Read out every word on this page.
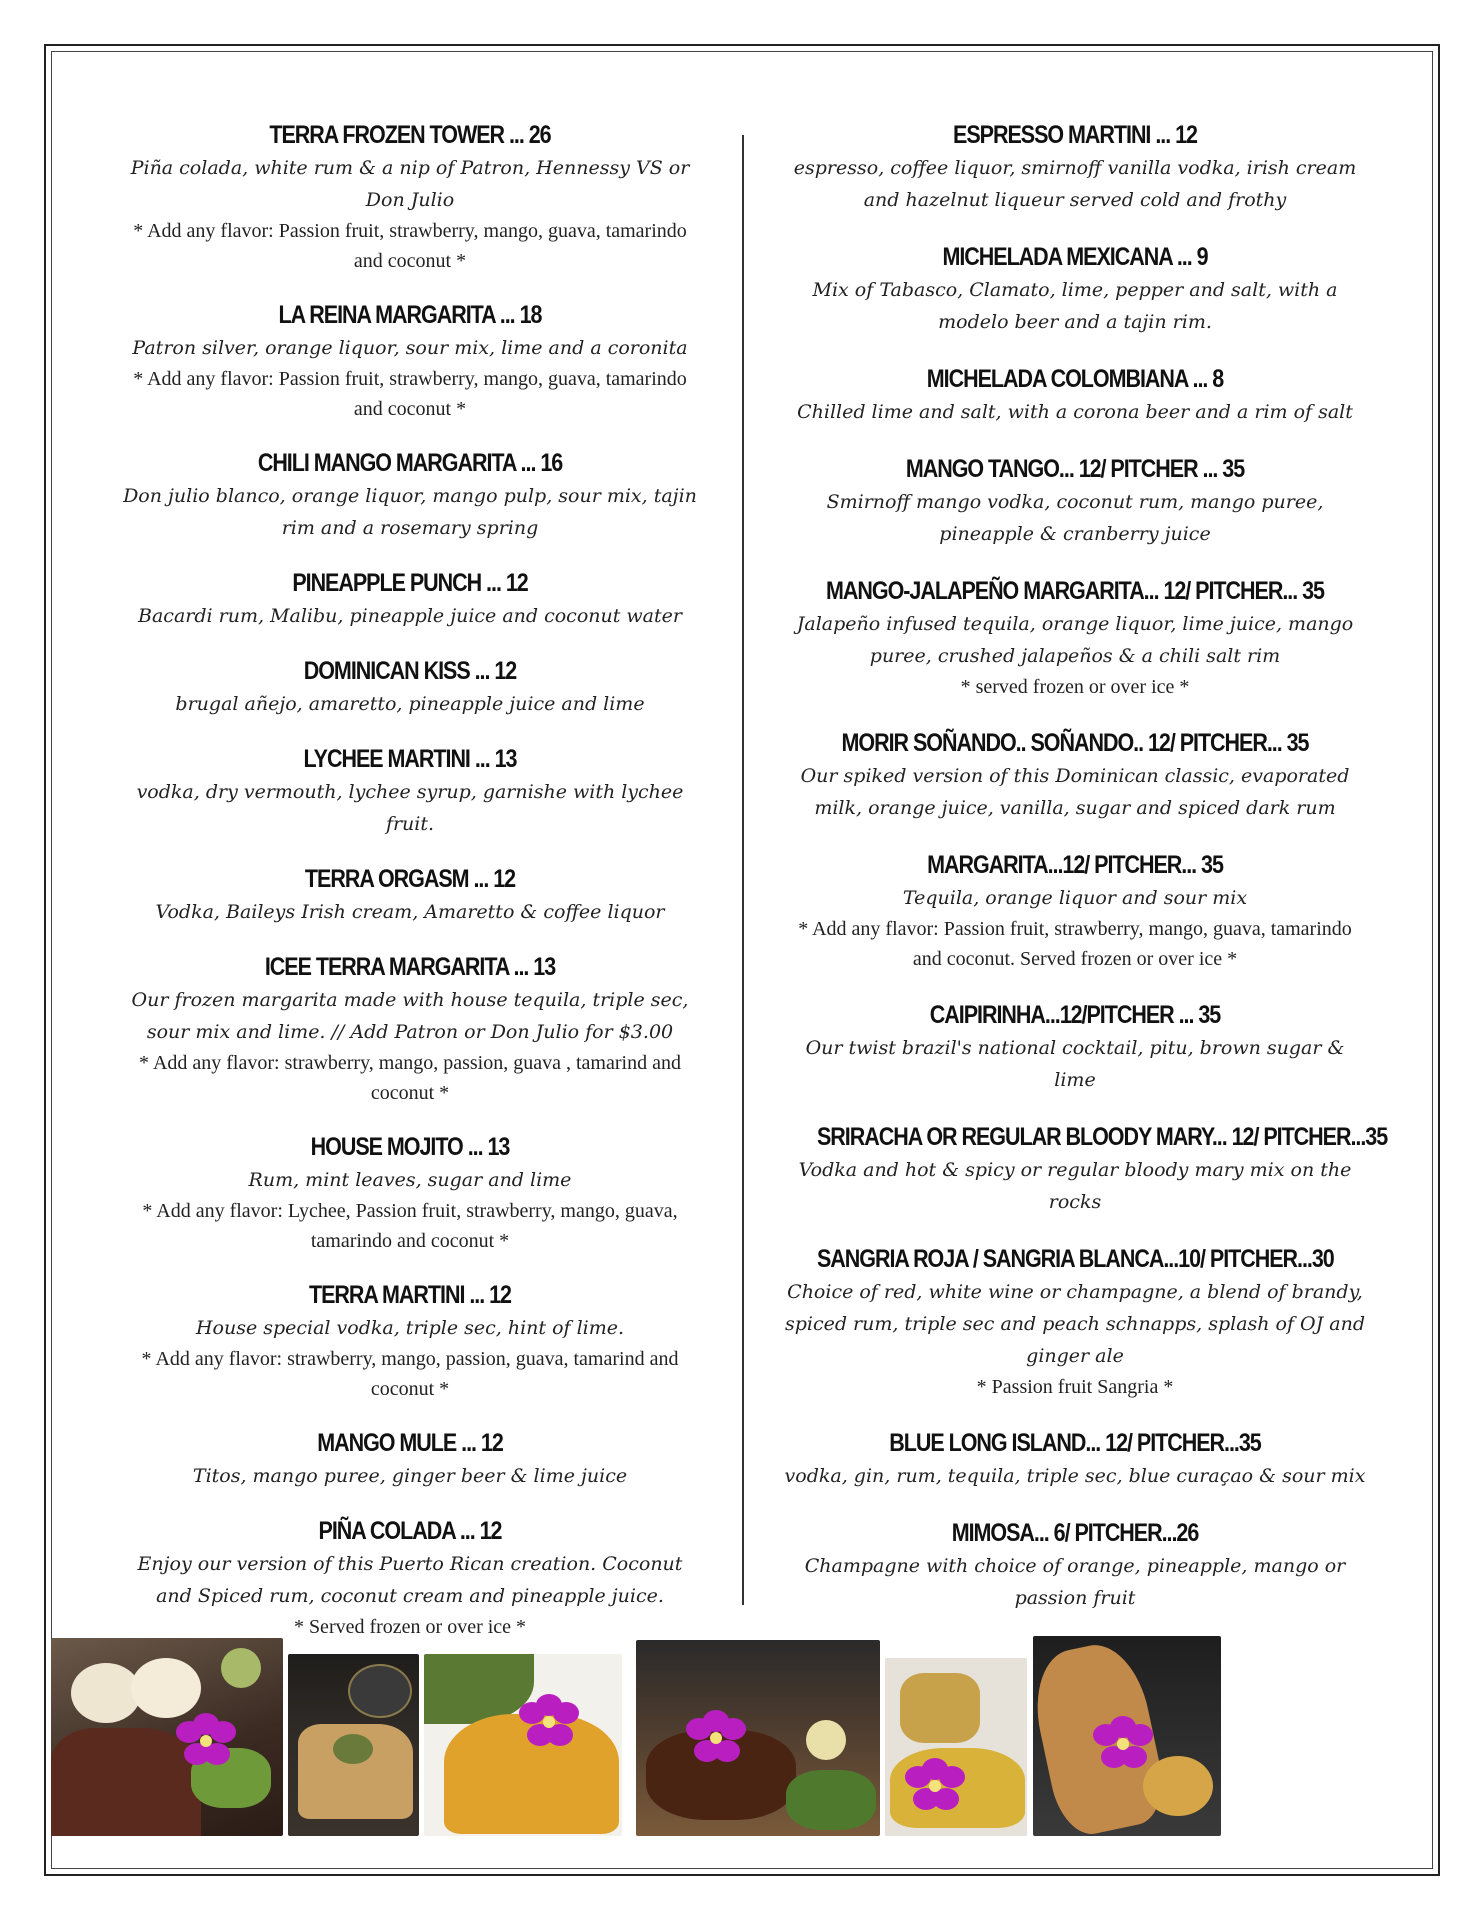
TERRA FROZEN TOWER ... 26
Piña colada, white rum & a nip of Patron, Hennessy VS or Don Julio
* Add any flavor: Passion fruit, strawberry, mango, guava, tamarindo and coconut *
LA REINA MARGARITA ... 18
Patron silver, orange liquor, sour mix, lime and a coronita
* Add any flavor: Passion fruit, strawberry, mango, guava, tamarindo and coconut *
CHILI MANGO MARGARITA ... 16
Don julio blanco, orange liquor, mango pulp, sour mix, tajin rim and a rosemary spring
PINEAPPLE PUNCH ... 12
Bacardi rum, Malibu, pineapple juice and coconut water
DOMINICAN KISS ... 12
brugal añejo, amaretto, pineapple juice and lime
LYCHEE MARTINI ... 13
vodka, dry vermouth, lychee syrup, garnishe with lychee fruit.
TERRA ORGASM ... 12
Vodka, Baileys Irish cream, Amaretto & coffee liquor
ICEE TERRA MARGARITA ... 13
Our frozen margarita made with house tequila, triple sec, sour mix and lime. // Add Patron or Don Julio for $3.00
* Add any flavor: strawberry, mango, passion, guava , tamarind and coconut *
HOUSE MOJITO ... 13
Rum, mint leaves, sugar and lime
* Add any flavor: Lychee, Passion fruit, strawberry, mango, guava, tamarindo and coconut *
TERRA MARTINI ... 12
House special vodka, triple sec, hint of lime.
* Add any flavor: strawberry, mango, passion, guava, tamarind and coconut *
MANGO MULE ... 12
Titos, mango puree, ginger beer & lime juice
PIÑA COLADA ... 12
Enjoy our version of this Puerto Rican creation. Coconut and Spiced rum, coconut cream and pineapple juice.
* Served frozen or over ice *
ESPRESSO MARTINI ... 12
espresso, coffee liquor, smirnoff vanilla vodka, irish cream and hazelnut liqueur served cold and frothy
MICHELADA MEXICANA ... 9
Mix of Tabasco, Clamato, lime, pepper and salt, with a modelo beer and a tajin rim.
MICHELADA COLOMBIANA ... 8
Chilled lime and salt, with a corona beer and a rim of salt
MANGO TANGO... 12/ PITCHER ... 35
Smirnoff mango vodka, coconut rum, mango puree, pineapple & cranberry juice
MANGO-JALAPEÑO MARGARITA... 12/ PITCHER... 35
Jalapeño infused tequila, orange liquor, lime juice, mango puree, crushed jalapeños & a chili salt rim
* served frozen or over ice *
MORIR SOÑANDO.. SOÑANDO.. 12/ PITCHER... 35
Our spiked version of this Dominican classic, evaporated milk, orange juice, vanilla, sugar and spiced dark rum
MARGARITA...12/ PITCHER... 35
Tequila, orange liquor and sour mix
* Add any flavor: Passion fruit, strawberry, mango, guava, tamarindo and coconut. Served frozen or over ice *
CAIPIRINHA...12/PITCHER ... 35
Our twist brazil's national cocktail, pitu, brown sugar & lime
SRIRACHA OR REGULAR BLOODY MARY... 12/ PITCHER...35
Vodka and hot & spicy or regular bloody mary mix on the rocks
SANGRIA ROJA / SANGRIA BLANCA...10/ PITCHER...30
Choice of red, white wine or champagne, a blend of brandy, spiced rum, triple sec and peach schnapps, splash of OJ and ginger ale
* Passion fruit Sangria *
BLUE LONG ISLAND... 12/ PITCHER...35
vodka, gin, rum, tequila, triple sec, blue curaçao & sour mix
MIMOSA... 6/ PITCHER...26
Champagne with choice of orange, pineapple, mango or passion fruit
